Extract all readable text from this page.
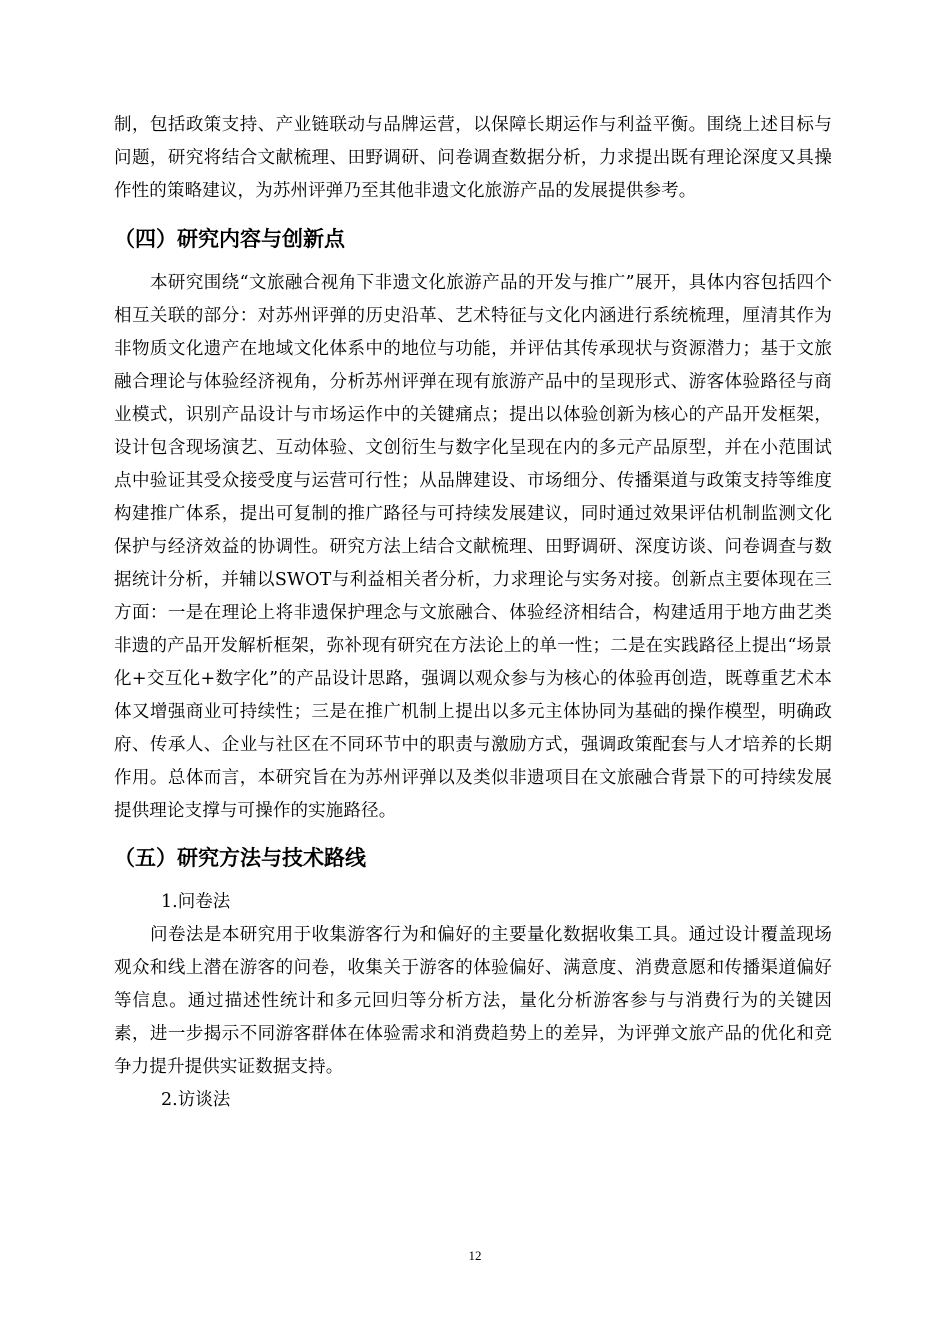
制，包括政策支持、产业链联动与品牌运营，以保障长期运作与利益平衡。围绕上述目标与问题，研究将结合文献梳理、田野调研、问卷调查数据分析，力求提出既有理论深度又具操作性的策略建议，为苏州评弹乃至其他非遗文化旅游产品的发展提供参考。

（四）研究内容与创新点

本研究围绕“文旅融合视角下非遗文化旅游产品的开发与推广”展开，具体内容包括四个相互关联的部分：对苏州评弹的历史沿革、艺术特征与文化内涵进行系统梳理，厘清其作为非物质文化遗产在地域文化体系中的地位与功能，并评估其传承现状与资源潜力；基于文旅融合理论与体验经济视角，分析苏州评弹在现有旅游产品中的呈现形式、游客体验路径与商业模式，识别产品设计与市场运作中的关键痛点；提出以体验创新为核心的产品开发框架，设计包含现场演艺、互动体验、文创衍生与数字化呈现在内的多元产品原型，并在小范围试点中验证其受众接受度与运营可行性；从品牌建设、市场细分、传播渠道与政策支持等维度构建推广体系，提出可复制的推广路径与可持续发展建议，同时通过效果评估机制监测文化保护与经济效益的协调性。研究方法上结合文献梳理、田野调研、深度访谈、问卷调查与数据统计分析，并辅以SWOT与利益相关者分析，力求理论与实务对接。创新点主要体现在三方面：一是在理论上将非遗保护理念与文旅融合、体验经济相结合，构建适用于地方曲艺类非遗的产品开发解析框架，弥补现有研究在方法论上的单一性；二是在实践路径上提出“场景化+交互化+数字化”的产品设计思路，强调以观众参与为核心的体验再创造，既尊重艺术本体又增强商业可持续性；三是在推广机制上提出以多元主体协同为基础的操作模型，明确政府、传承人、企业与社区在不同环节中的职责与激励方式，强调政策配套与人才培养的长期作用。总体而言，本研究旨在为苏州评弹以及类似非遗项目在文旅融合背景下的可持续发展提供理论支撑与可操作的实施路径。

（五）研究方法与技术路线

1.问卷法

问卷法是本研究用于收集游客行为和偏好的主要量化数据收集工具。通过设计覆盖现场观众和线上潜在游客的问卷，收集关于游客的体验偏好、满意度、消费意愿和传播渠道偏好等信息。通过描述性统计和多元回归等分析方法，量化分析游客参与与消费行为的关键因素，进一步揭示不同游客群体在体验需求和消费趋势上的差异，为评弹文旅产品的优化和竞争力提升提供实证数据支持。

2.访谈法

12
